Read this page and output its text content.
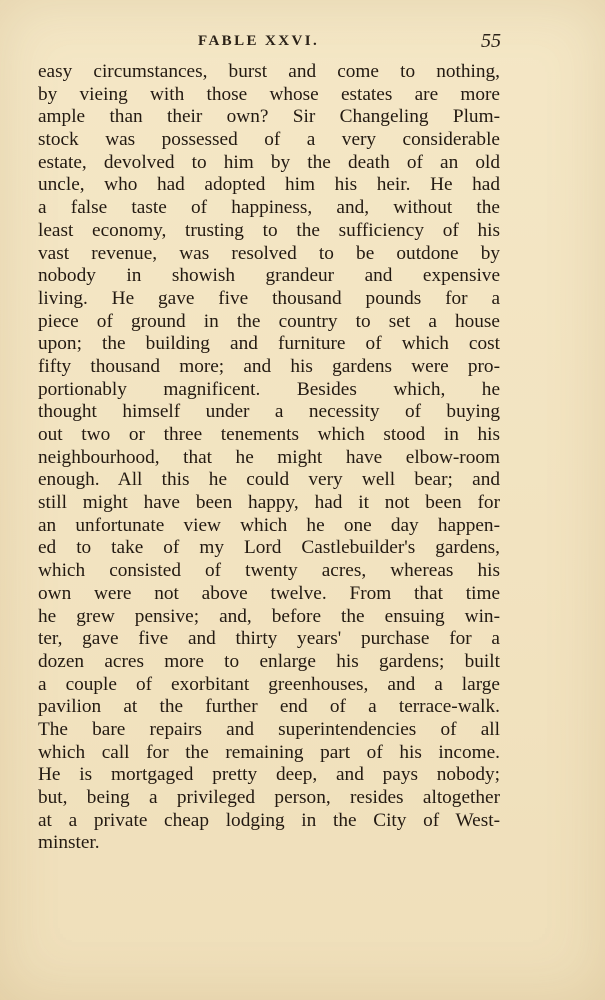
FABLE XXVI.	55
easy circumstances, burst and come to nothing,
by vieing with those whose estates are more
ample than their own? Sir Changeling Plum-
stock was possessed of a very considerable
estate, devolved to him by the death of an old
uncle, who had adopted him his heir. He had
a false taste of happiness, and, without the
least economy, trusting to the sufficiency of his
vast revenue, was resolved to be outdone by
nobody in showish grandeur and expensive
living. He gave five thousand pounds for a
piece of ground in the country to set a house
upon; the building and furniture of which cost
fifty thousand more; and his gardens were pro-
portionably magnificent. Besides which, he
thought himself under a necessity of buying
out two or three tenements which stood in his
neighbourhood, that he might have elbow-room
enough. All this he could very well bear; and
still might have been happy, had it not been for
an unfortunate view which he one day happen-
ed to take of my Lord Castlebuilder's gardens,
which consisted of twenty acres, whereas his
own were not above twelve. From that time
he grew pensive; and, before the ensuing win-
ter, gave five and thirty years' purchase for a
dozen acres more to enlarge his gardens; built
a couple of exorbitant greenhouses, and a large
pavilion at the further end of a terrace-walk.
The bare repairs and superintendencies of all
which call for the remaining part of his income.
He is mortgaged pretty deep, and pays nobody;
but, being a privileged person, resides altogether
at a private cheap lodging in the City of West-
minster.
